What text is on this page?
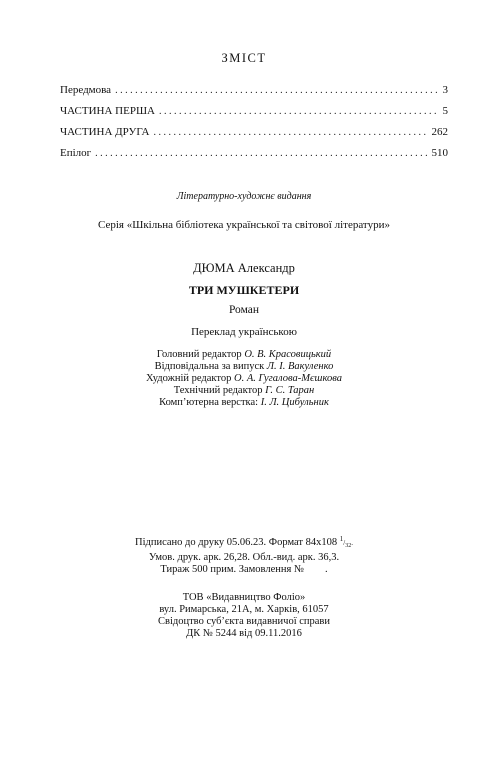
ЗМІСТ
Передмова . . .	3
ЧАСТИНА ПЕРША . . .	5
ЧАСТИНА ДРУГА . . .	262
Епілог . . .	510
Літературно-художнє видання
Серія «Шкільна бібліотека української та світової літератури»
ДЮМА Александр
ТРИ МУШКЕТЕРИ
Роман
Переклад українською
Головний редактор О. В. Красовицький
Відповідальна за випуск Л. І. Вакуленко
Художній редактор О. А. Гугалова-Мєшкова
Технічний редактор Г. С. Таран
Комп’ютерна верстка: І. Л. Цибульник
Підписано до друку 05.06.23. Формат 84x108 $^1/_{32}$.
Умов. друк. арк. 26,28. Обл.-вид. арк. 36,3.
Тираж 500 прим. Замовлення №        .
ТОВ «Видавництво Фоліо»
вул. Римарська, 21А, м. Харків, 61057
Свідоцтво суб’єкта видавничої справи
ДК № 5244 від 09.11.2016
